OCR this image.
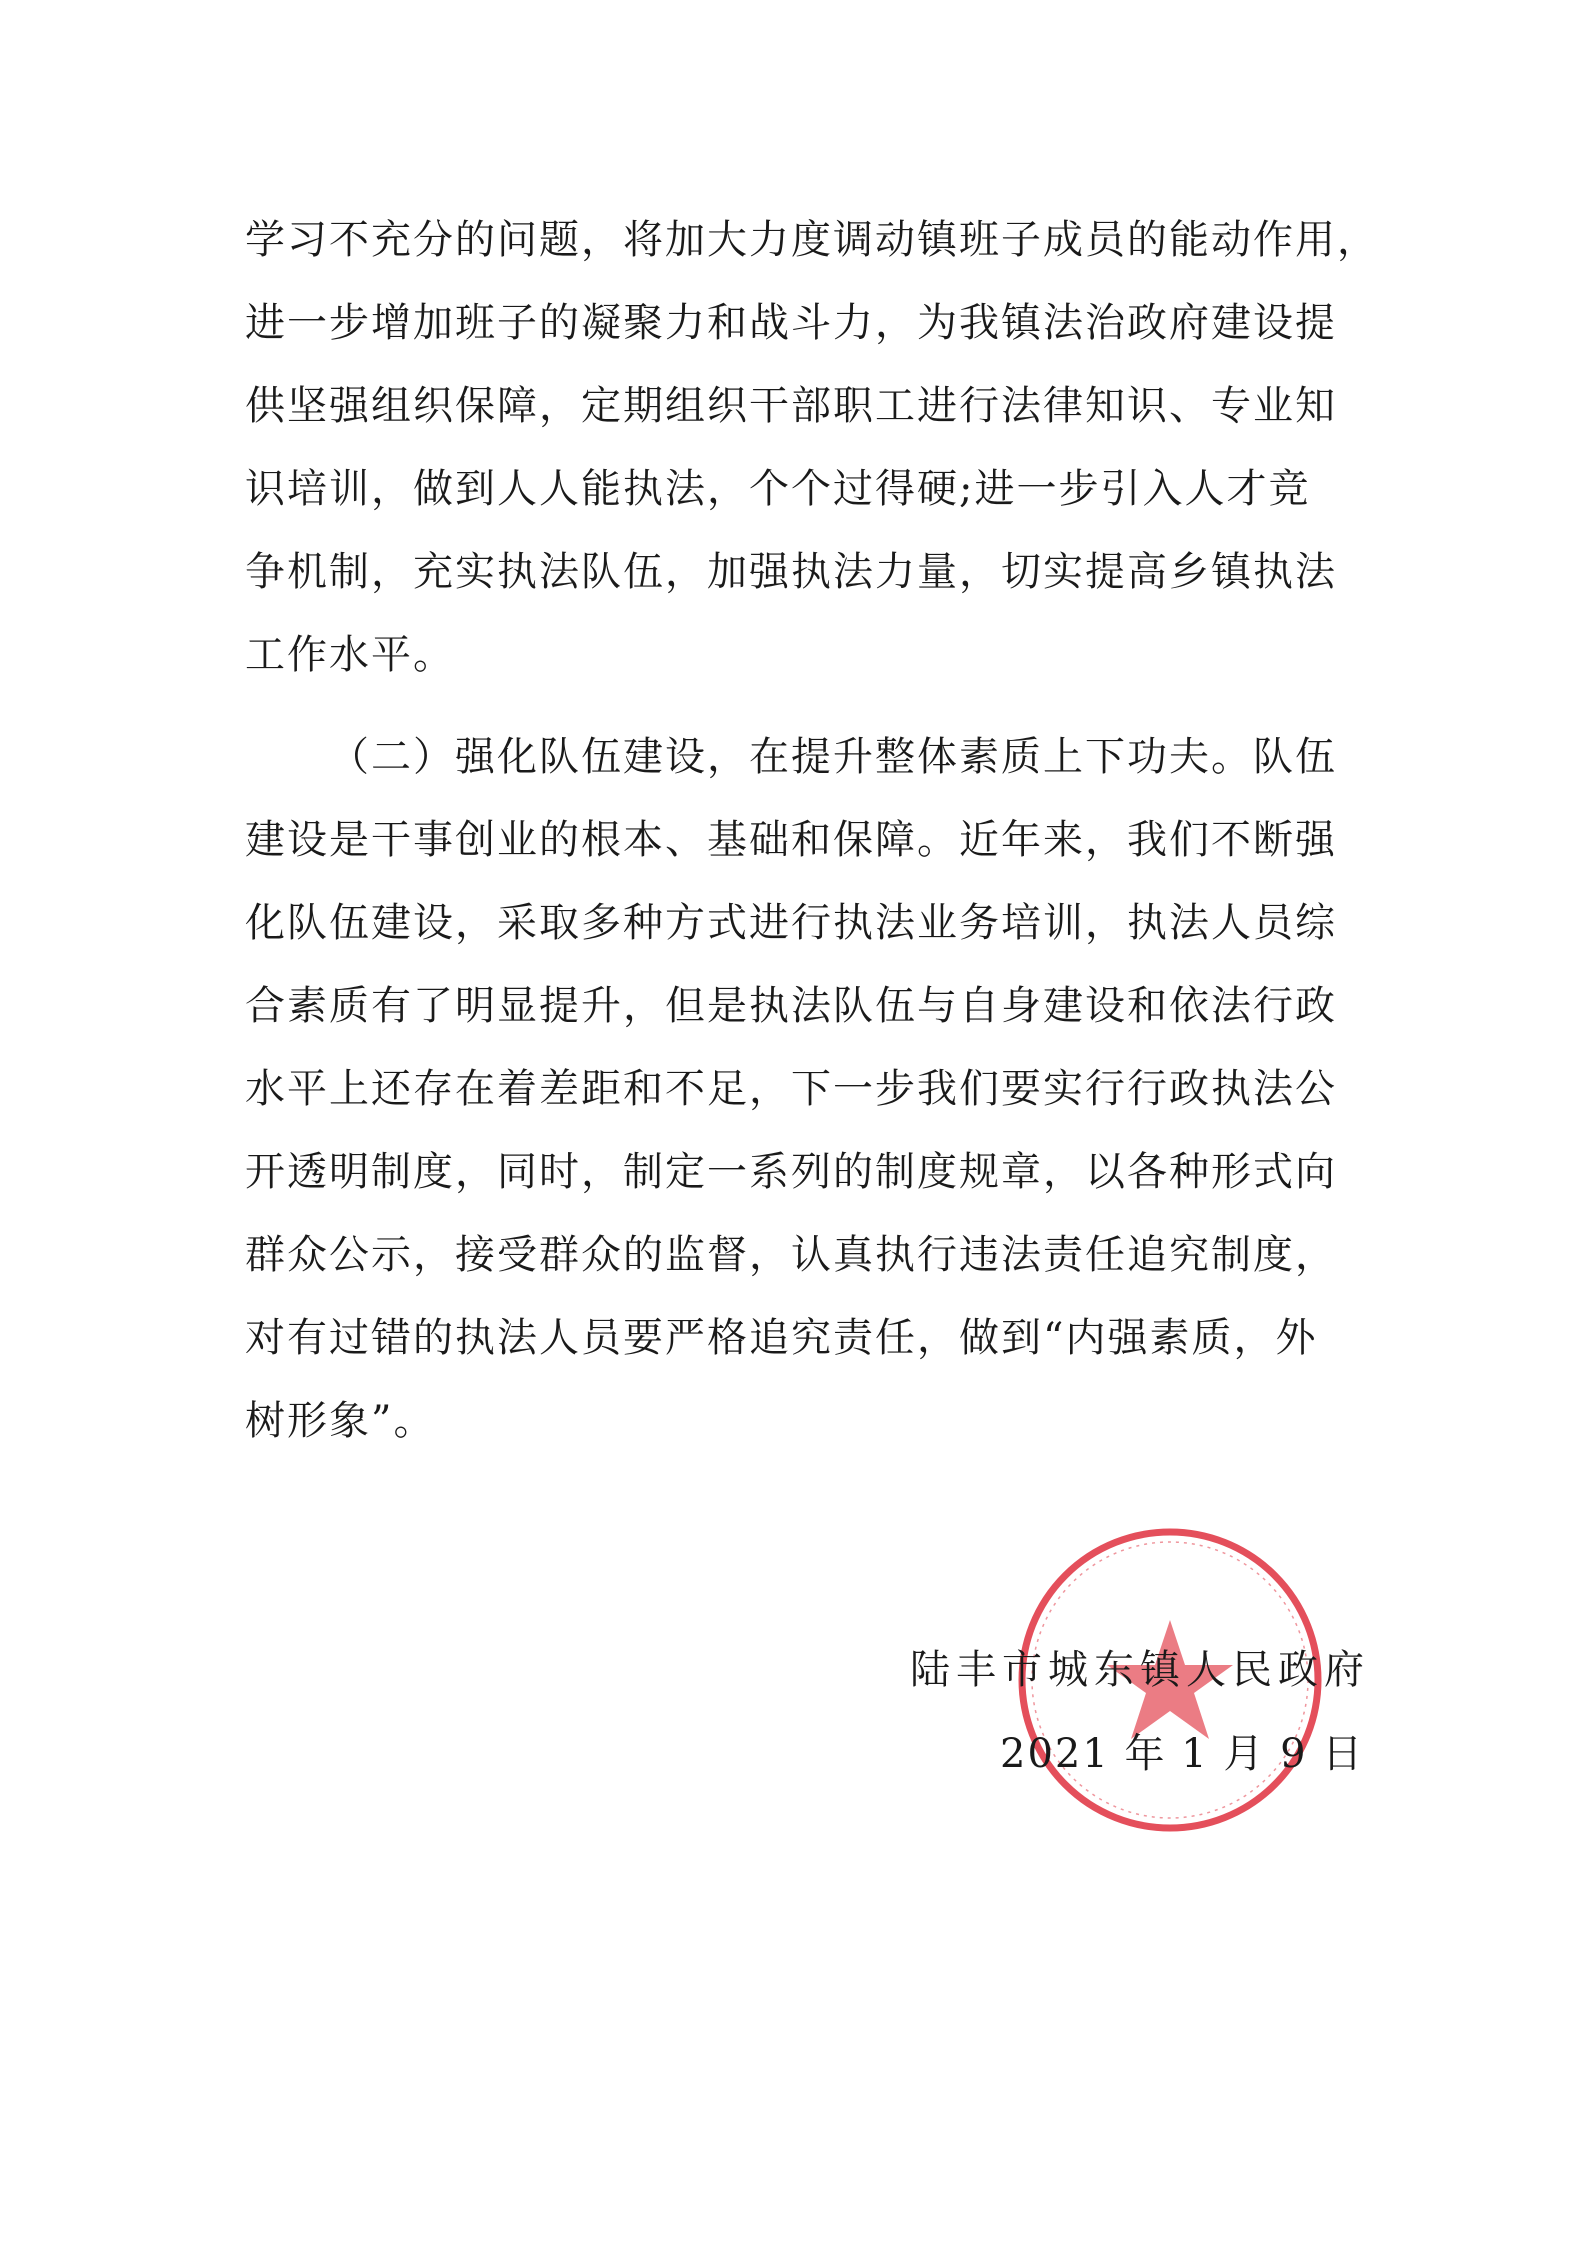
学习不充分的问题，将加大力度调动镇班子成员的能动作用，
进一步增加班子的凝聚力和战斗力，为我镇法治政府建设提
供坚强组织保障，定期组织干部职工进行法律知识、专业知
识培训，做到人人能执法，个个过得硬;进一步引入人才竞
争机制，充实执法队伍，加强执法力量，切实提高乡镇执法
工作水平。
（二）强化队伍建设，在提升整体素质上下功夫。队伍
建设是干事创业的根本、基础和保障。近年来，我们不断强
化队伍建设，采取多种方式进行执法业务培训，执法人员综
合素质有了明显提升，但是执法队伍与自身建设和依法行政
水平上还存在着差距和不足，下一步我们要实行行政执法公
开透明制度，同时，制定一系列的制度规章，以各种形式向
群众公示，接受群众的监督，认真执行违法责任追究制度，
对有过错的执法人员要严格追究责任，做到“内强素质，外
树形象”。
陆丰市城东镇人民政府
2021 年 1 月 9 日
